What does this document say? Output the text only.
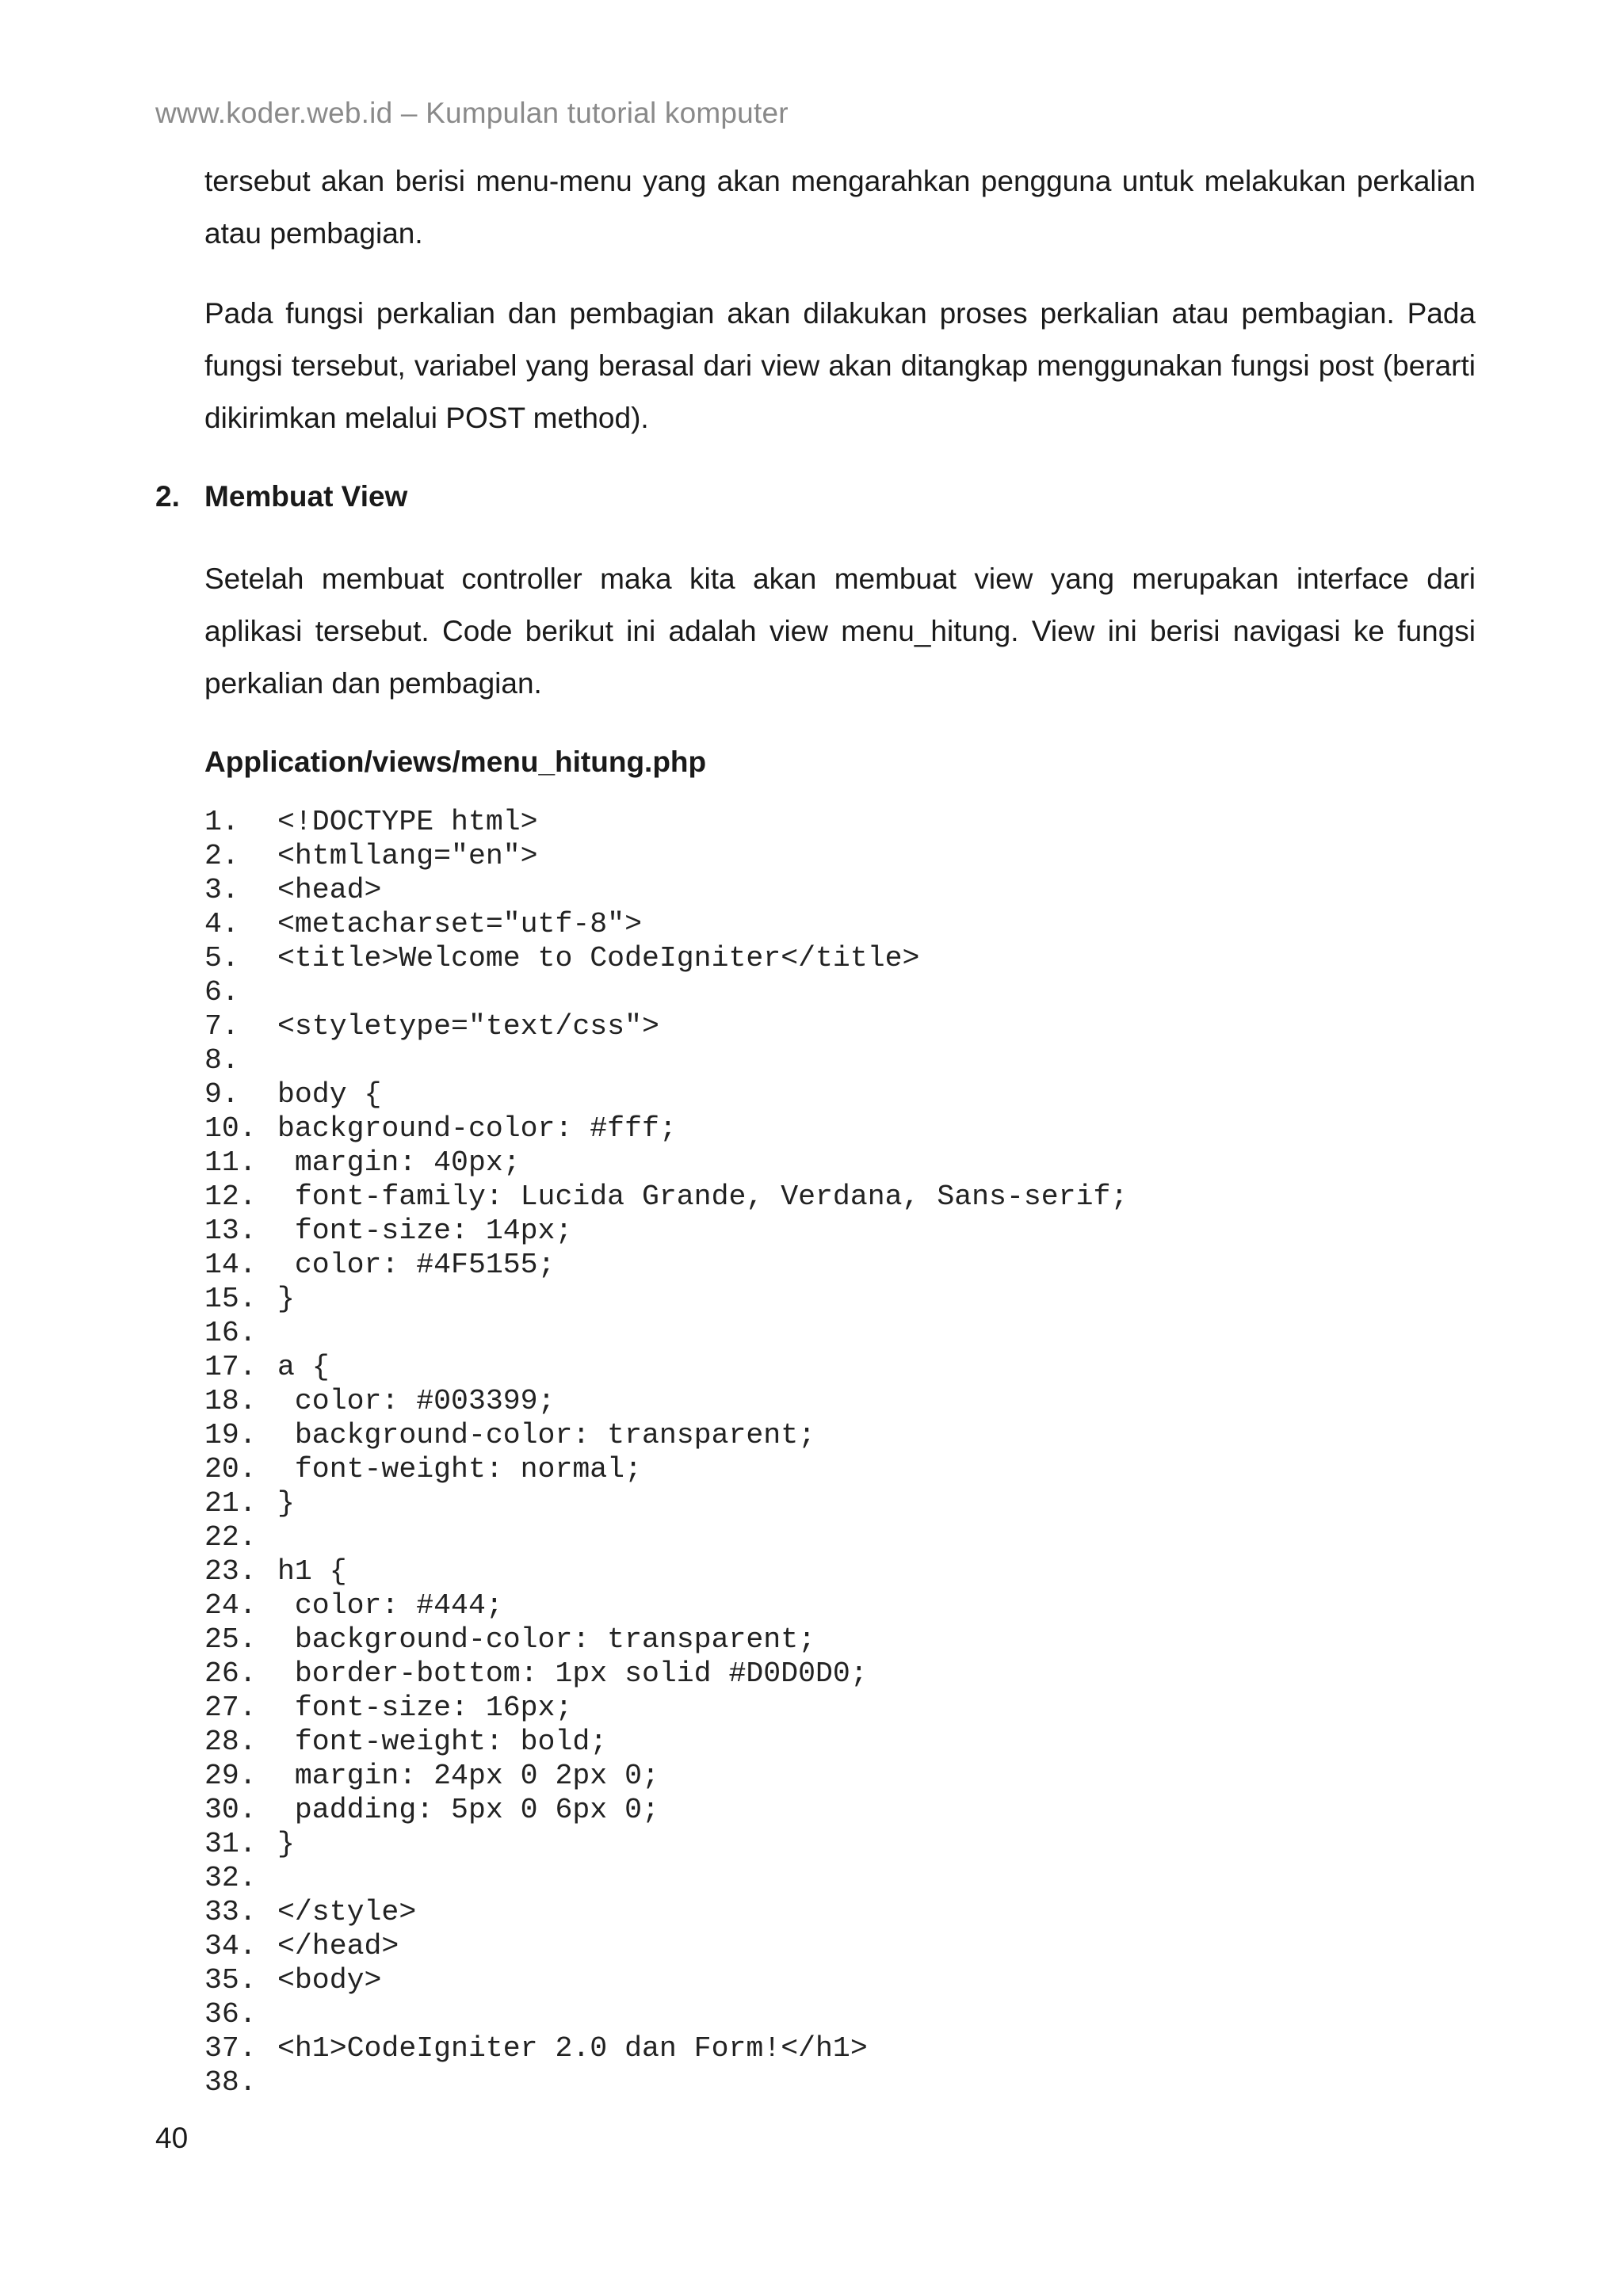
www.koder.web.id – Kumpulan tutorial komputer

tersebut akan berisi menu-menu yang akan mengarahkan pengguna untuk melakukan perkalian atau pembagian.

Pada fungsi perkalian dan pembagian akan dilakukan proses perkalian atau pembagian. Pada fungsi tersebut, variabel yang berasal dari view akan ditangkap menggunakan fungsi post (berarti dikirimkan melalui POST method).

2. Membuat View

Setelah membuat controller maka kita akan membuat view yang merupakan interface dari aplikasi tersebut. Code berikut ini adalah view menu_hitung. View ini berisi navigasi ke fungsi perkalian dan pembagian.

Application/views/menu_hitung.php
1. <!DOCTYPE html>
2. <htmllang="en">
3. <head>
4. <metacharset="utf-8">
5. <title>Welcome to CodeIgniter</title>
6.
7. <styletype="text/css">
8.
9. body {
10. background-color: #fff;
11. margin: 40px;
12. font-family: Lucida Grande, Verdana, Sans-serif;
13. font-size: 14px;
14. color: #4F5155;
15. }
16.
17. a {
18. color: #003399;
19. background-color: transparent;
20. font-weight: normal;
21. }
22.
23. h1 {
24. color: #444;
25. background-color: transparent;
26. border-bottom: 1px solid #D0D0D0;
27. font-size: 16px;
28. font-weight: bold;
29. margin: 24px 0 2px 0;
30. padding: 5px 0 6px 0;
31. }
32.
33. </style>
34. </head>
35. <body>
36.
37. <h1>CodeIgniter 2.0 dan Form!</h1>
38.
40
